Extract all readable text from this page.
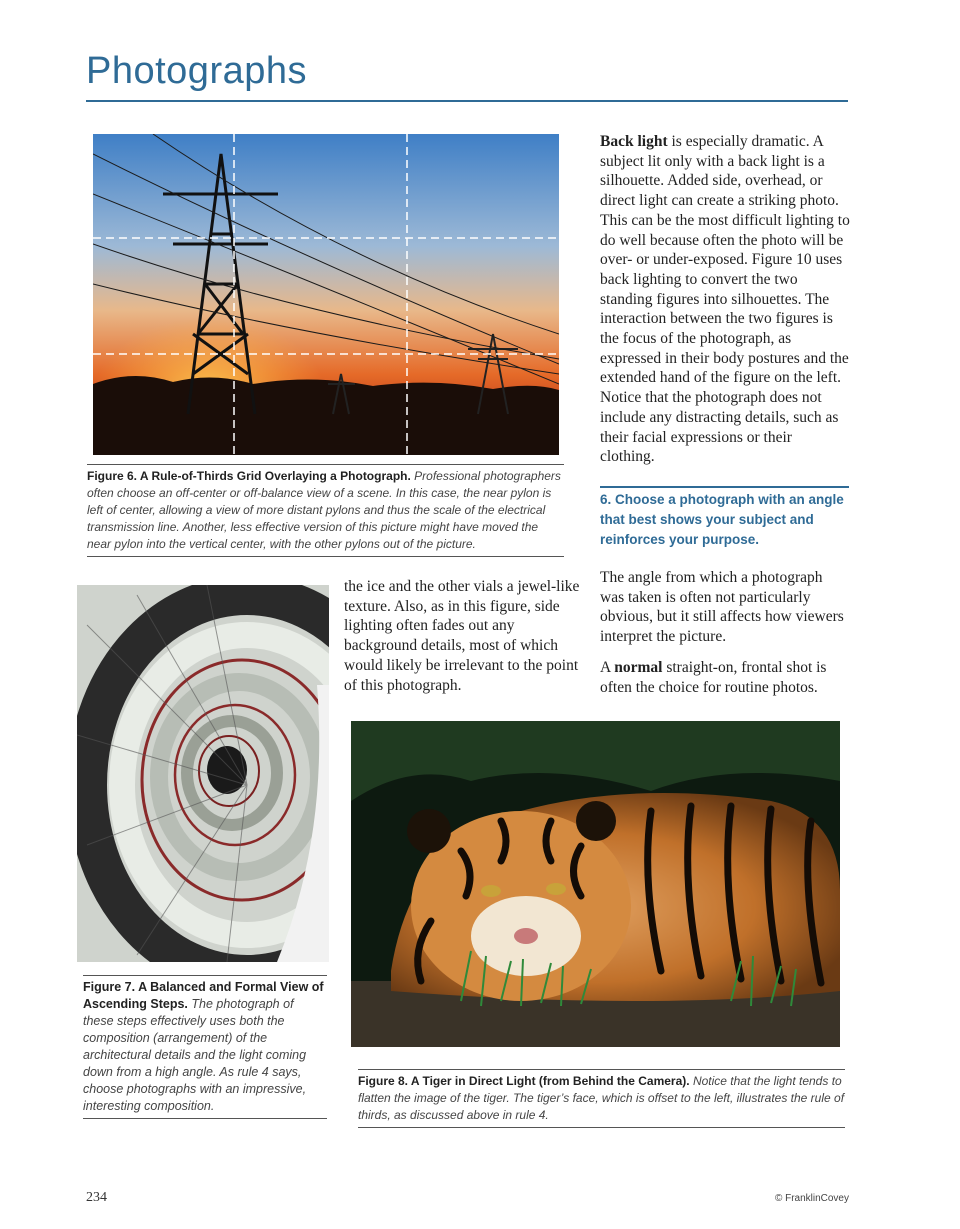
Photographs
Figure 6. A Rule-of-Thirds Grid Overlaying a Photograph. Professional photographers often choose an off-center or off-balance view of a scene. In this case, the near pylon is left of center, allowing a view of more distant pylons and thus the scale of the electrical transmission line. Another, less effective version of this picture might have moved the near pylon into the vertical center, with the other pylons out of the picture.

Back light is especially dramatic. A subject lit only with a back light is a silhouette. Added side, overhead, or direct light can create a striking photo. This can be the most difficult lighting to do well because often the photo will be over- or under-exposed. Figure 10 uses back lighting to convert the two standing figures into silhouettes. The interaction between the two figures is the focus of the photograph, as expressed in their body postures and the extended hand of the figure on the left. Notice that the photograph does not include any distracting details, such as their facial expressions or their clothing.

6. Choose a photograph with an angle that best shows your subject and reinforces your purpose.

The angle from which a photograph was taken is often not particularly obvious, but it still affects how viewers interpret the picture.

A normal straight-on, frontal shot is often the choice for routine photos.

the ice and the other vials a jewel-like texture. Also, as in this figure, side lighting often fades out any background details, most of which would likely be irrelevant to the point of this photograph.

Figure 7. A Balanced and Formal View of Ascending Steps. The photograph of these steps effectively uses both the composition (arrangement) of the architectural details and the light coming down from a high angle. As rule 4 says, choose photographs with an impressive, interesting composition.
Figure 8. A Tiger in Direct Light (from Behind the Camera). Notice that the light tends to flatten the image of the tiger. The tiger’s face, which is offset to the left, illustrates the rule of thirds, as discussed above in rule 4.
234	© FranklinCovey
